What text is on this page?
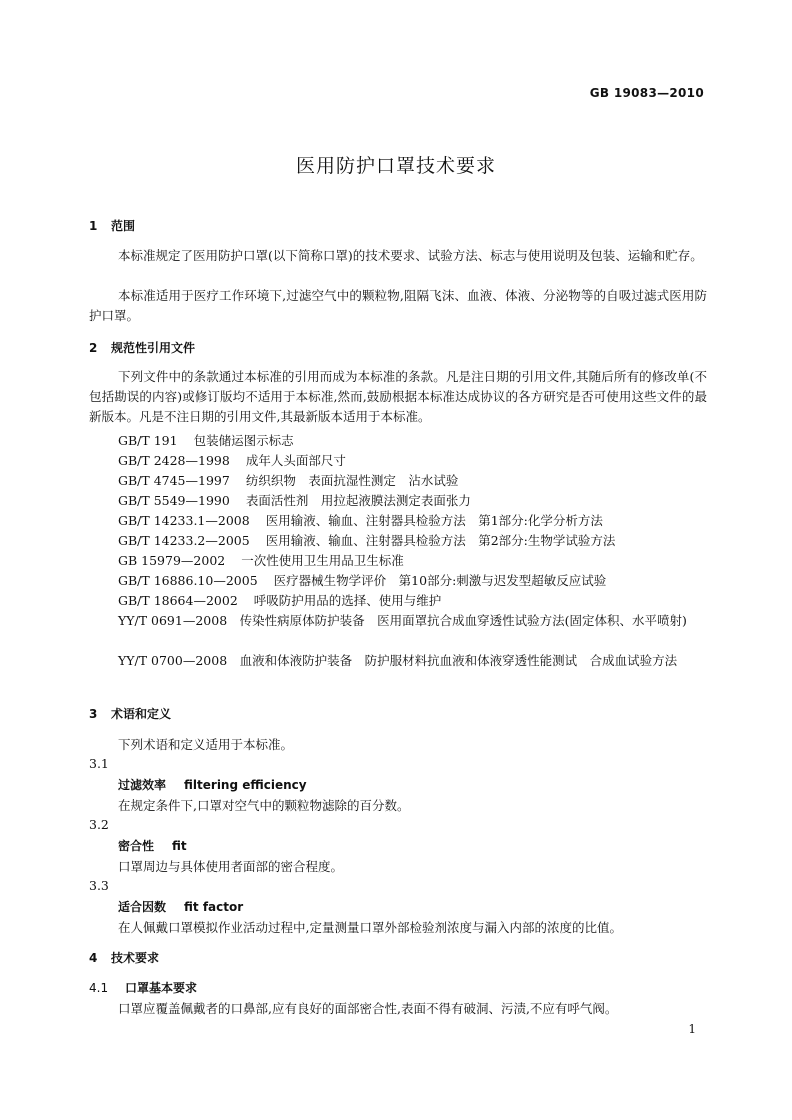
GB 19083—2010
医用防护口罩技术要求
1 范围
本标准规定了医用防护口罩(以下简称口罩)的技术要求、试验方法、标志与使用说明及包装、运输和贮存。
本标准适用于医疗工作环境下,过滤空气中的颗粒物,阻隔飞沫、血液、体液、分泌物等的自吸过滤式医用防护口罩。
2 规范性引用文件
下列文件中的条款通过本标准的引用而成为本标准的条款。凡是注日期的引用文件,其随后所有的修改单(不包括勘误的内容)或修订版均不适用于本标准,然而,鼓励根据本标准达成协议的各方研究是否可使用这些文件的最新版本。凡是不注日期的引用文件,其最新版本适用于本标准。
GB/T 191 包装储运图示标志
GB/T 2428—1998 成年人头面部尺寸
GB/T 4745—1997 纺织织物　表面抗湿性测定　沾水试验
GB/T 5549—1990 表面活性剂　用拉起液膜法测定表面张力
GB/T 14233.1—2008 医用输液、输血、注射器具检验方法　第1部分:化学分析方法
GB/T 14233.2—2005 医用输液、输血、注射器具检验方法　第2部分:生物学试验方法
GB 15979—2002 一次性使用卫生用品卫生标准
GB/T 16886.10—2005 医疗器械生物学评价　第10部分:刺激与迟发型超敏反应试验
GB/T 18664—2002 呼吸防护用品的选择、使用与维护
YY/T 0691—2008　传染性病原体防护装备　医用面罩抗合成血穿透性试验方法(固定体积、水平喷射)
YY/T 0700—2008　血液和体液防护装备　防护服材料抗血液和体液穿透性能测试　合成血试验方法
3 术语和定义
下列术语和定义适用于本标准。
3.1
过滤效率 filtering efficiency
在规定条件下,口罩对空气中的颗粒物滤除的百分数。
3.2
密合性 fit
口罩周边与具体使用者面部的密合程度。
3.3
适合因数 fit factor
在人佩戴口罩模拟作业活动过程中,定量测量口罩外部检验剂浓度与漏入内部的浓度的比值。
4 技术要求
4.1 口罩基本要求
口罩应覆盖佩戴者的口鼻部,应有良好的面部密合性,表面不得有破洞、污渍,不应有呼气阀。
1
